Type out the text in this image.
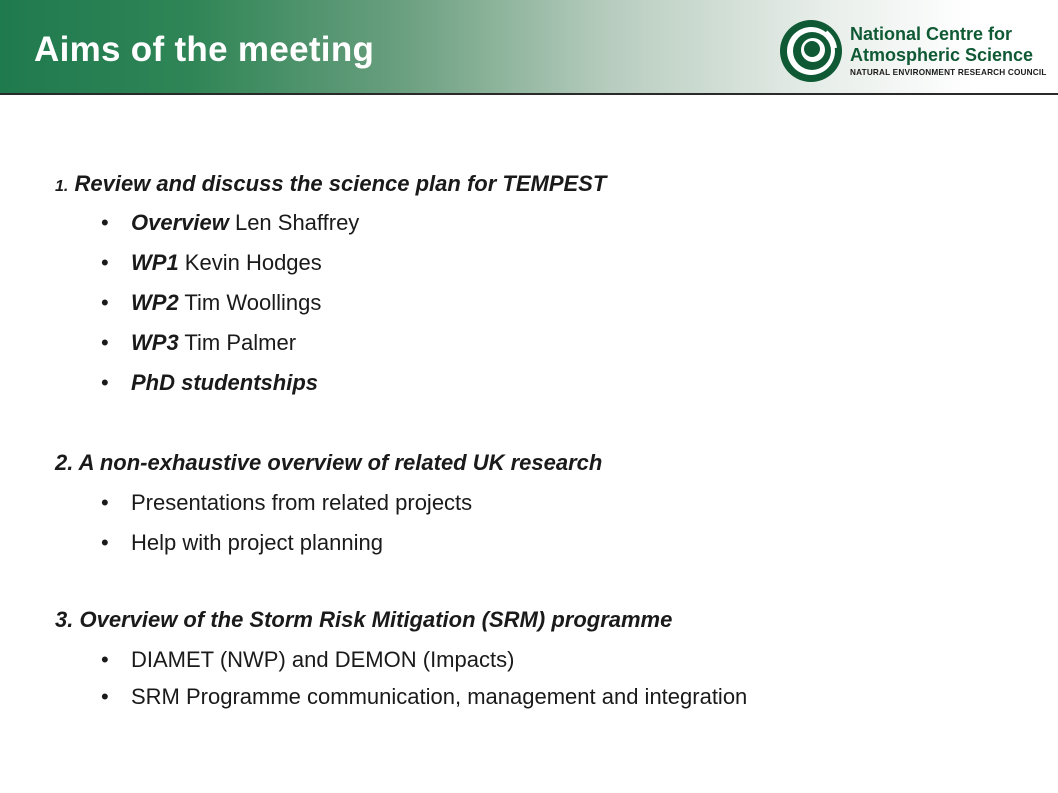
Aims of the meeting	National Centre for
Atmospheric Science
NATURAL ENVIRONMENT RESEARCH COUNCIL
1. Review and discuss the science plan for TEMPEST
• Overview Len Shaffrey
• WP1 Kevin Hodges
• WP2 Tim Woollings
• WP3 Tim Palmer
• PhD studentships
2. A non-exhaustive overview of related UK research
• Presentations from related projects
• Help with project planning
3. Overview of the Storm Risk Mitigation (SRM) programme
• DIAMET (NWP) and DEMON (Impacts)
• SRM Programme communication, management and integration
